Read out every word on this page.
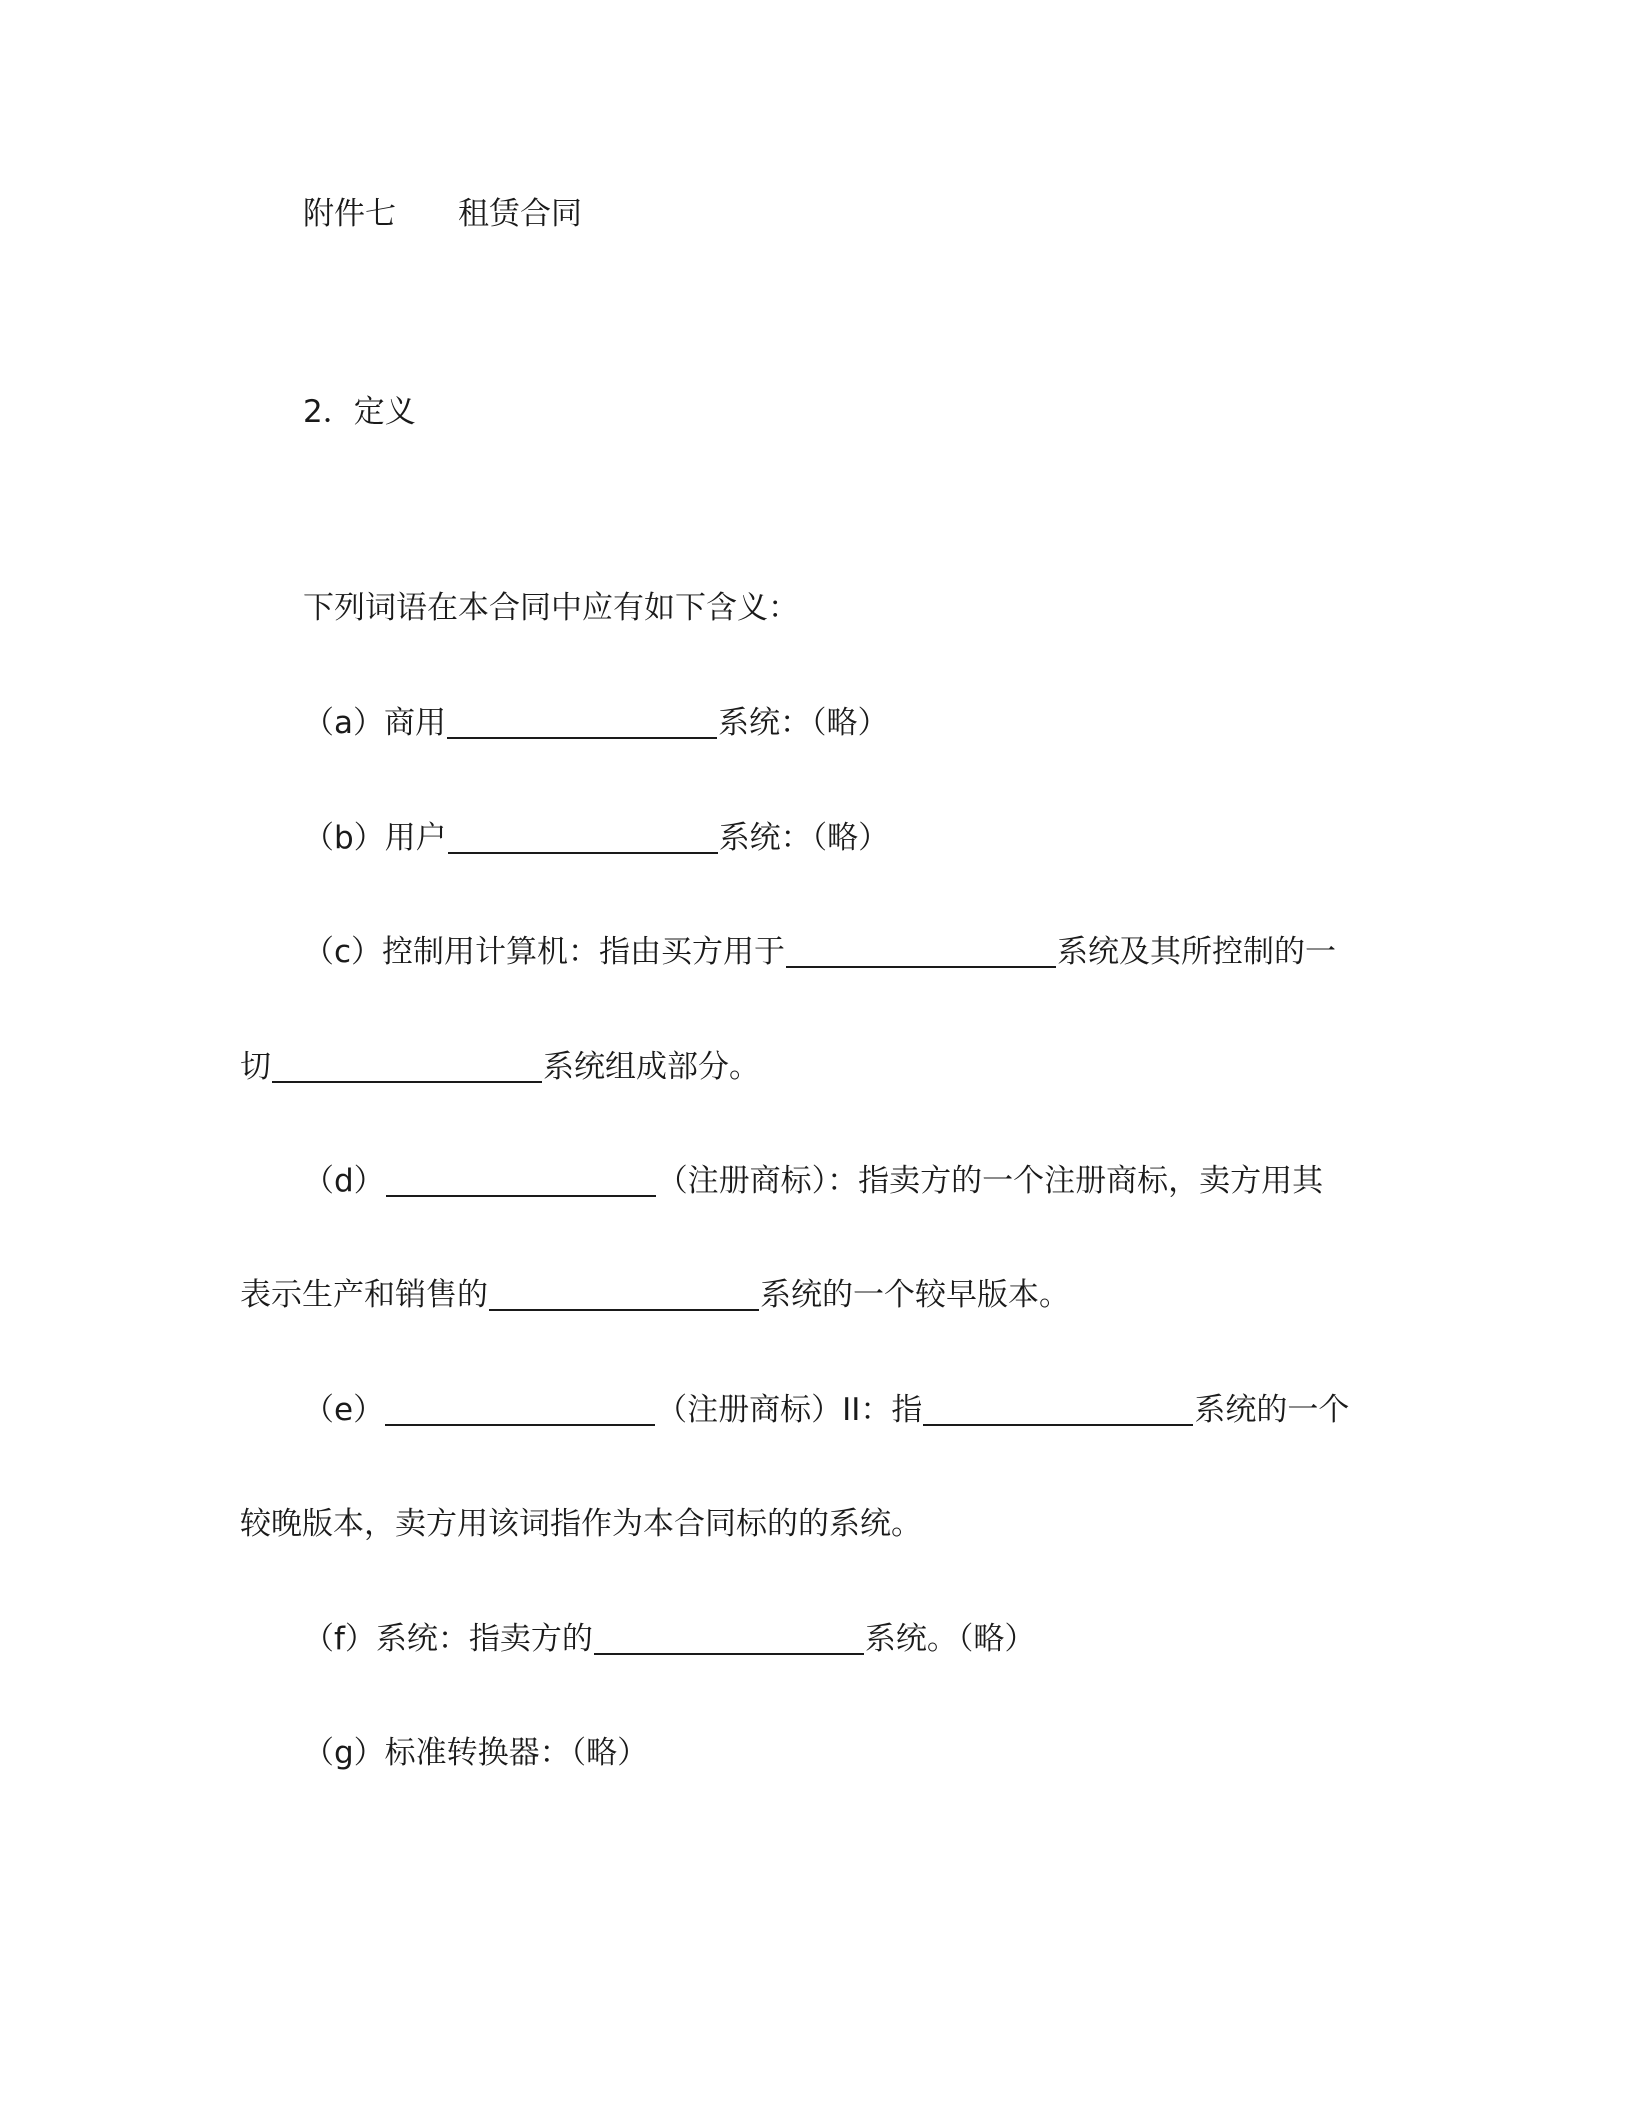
附件七 租赁合同
2．定义
下列词语在本合同中应有如下含义：
（a）商用	系统：（略）
（b）用户	系统：（略）
（c）控制用计算机：指由买方用于	系统及其所控制的一
切	系统组成部分。
（d）	（注册商标）：指卖方的一个注册商标，卖方用其
表示生产和销售的	系统的一个较早版本。
（e）	（注册商标）II：指	系统的一个
较晚版本，卖方用该词指作为本合同标的的系统。
（f）系统：指卖方的	系统。（略）
（g）标准转换器：（略）
